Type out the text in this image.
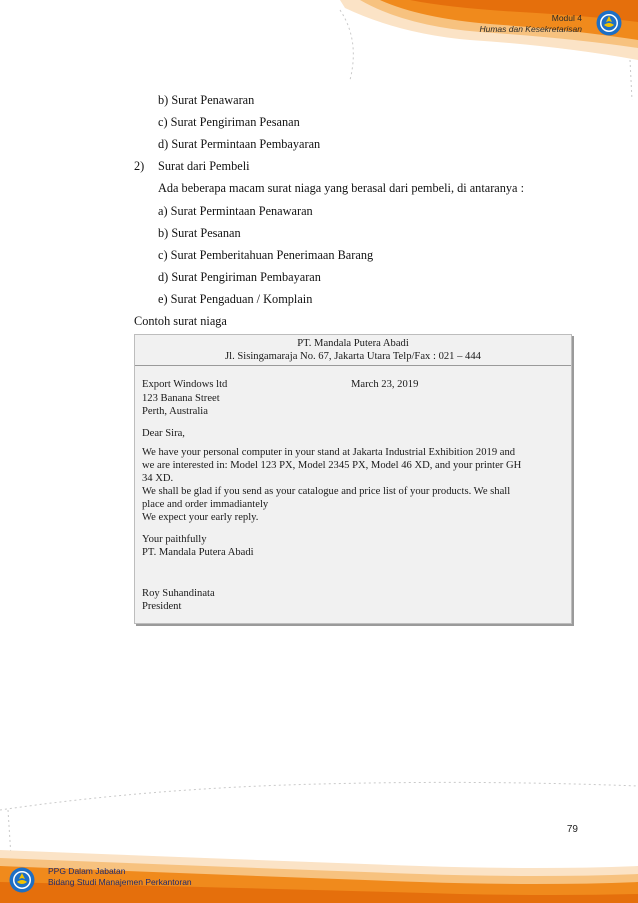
Modul 4
Humas dan Kesekretarisan
b) Surat Penawaran
c) Surat Pengiriman Pesanan
d) Surat Permintaan Pembayaran
2) Surat dari Pembeli
Ada beberapa macam surat niaga yang berasal dari pembeli, di antaranya :
a) Surat Permintaan Penawaran
b) Surat Pesanan
c) Surat Pemberitahuan Penerimaan Barang
d) Surat Pengiriman Pembayaran
e) Surat Pengaduan / Komplain
Contoh surat niaga
PT. Mandala Putera Abadi
Jl. Sisingamaraja No. 67, Jakarta Utara Telp/Fax : 021 – 444
Export Windows ltd	March 23, 2019
123 Banana Street
Perth, Australia
Dear Sira,
We have your personal computer in your stand at Jakarta Industrial Exhibition 2019 and
we are interested in: Model 123 PX, Model 2345 PX, Model 46 XD, and your printer GH
34 XD.
We shall be glad if you send as your catalogue and price list of your products. We shall
place and order immadiantely
We expect your early reply.
Your paithfully
PT. Mandala Putera Abadi
Roy Suhandinata
President
79
PPG Dalam Jabatan
Bidang Studi Manajemen Perkantoran
